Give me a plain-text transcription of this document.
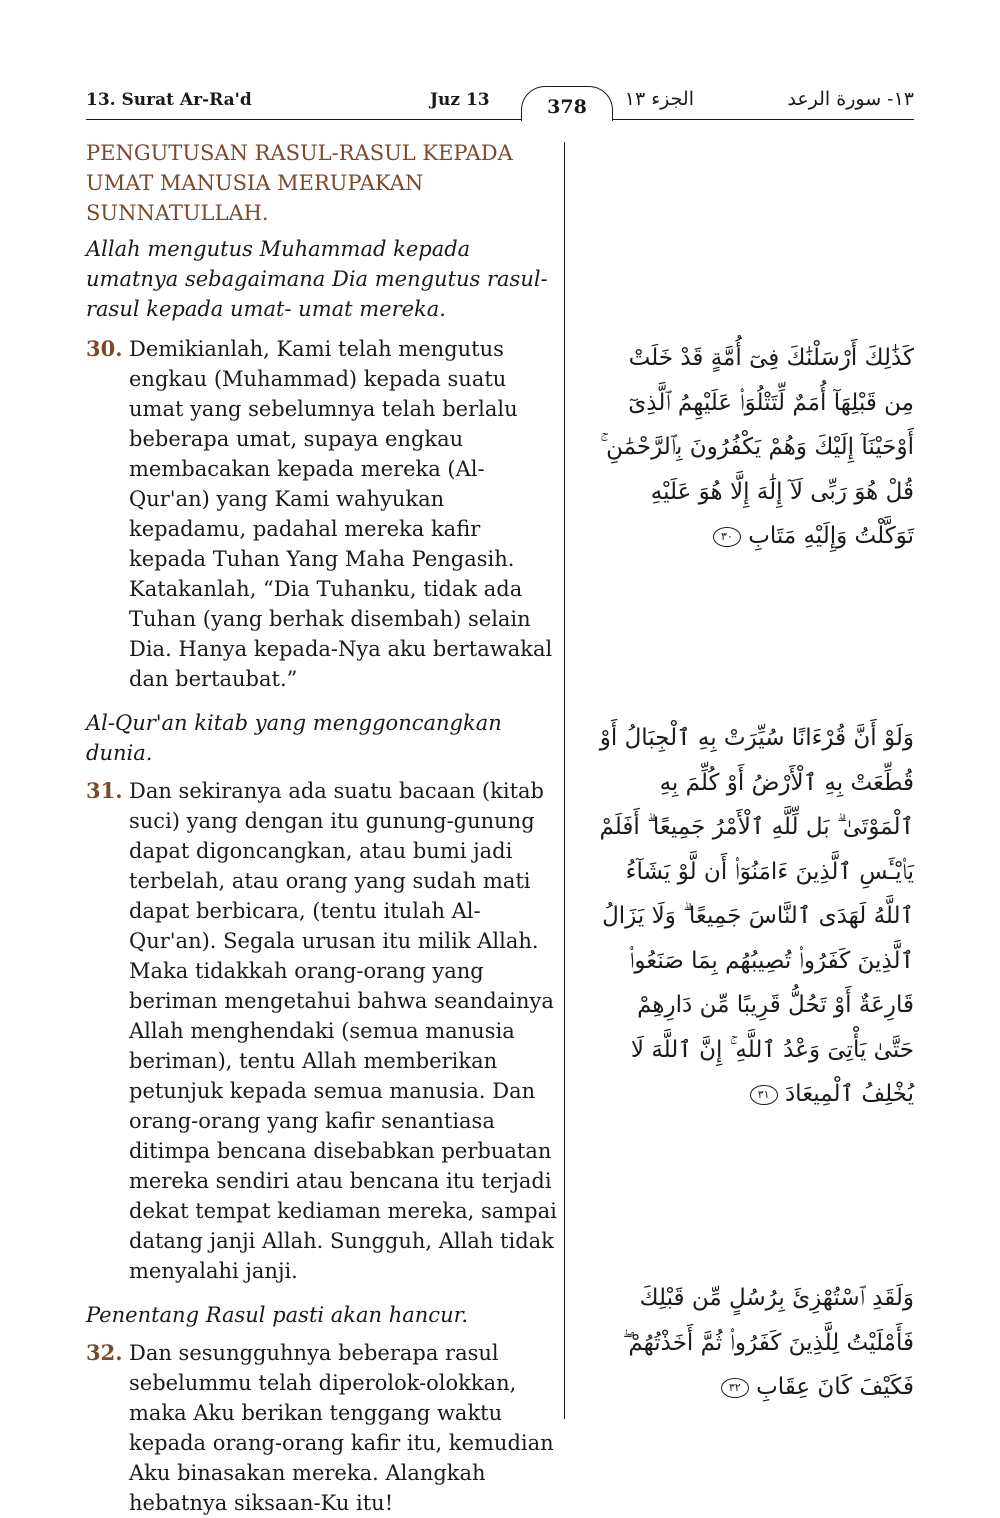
13. Surat Ar-Ra'd	Juz 13	378	الجزء ١٣	١٣- سورة الرعد

PENGUTUSAN RASUL-RASUL KEPADA UMAT MANUSIA MERUPAKAN SUNNATULLAH.

Allah mengutus Muhammad kepada umatnya sebagaimana Dia mengutus rasul-rasul kepada umat- umat mereka.

30. Demikianlah, Kami telah mengutus engkau (Muhammad) kepada suatu umat yang sebelumnya telah berlalu beberapa umat, supaya engkau membacakan kepada mereka (Al-Qur'an) yang Kami wahyukan kepadamu, padahal mereka kafir kepada Tuhan Yang Maha Pengasih. Katakanlah, “Dia Tuhanku, tidak ada Tuhan (yang berhak disembah) selain Dia. Hanya kepada-Nya aku bertawakal dan bertaubat.”

Al-Qur'an kitab yang menggoncangkan dunia.

31. Dan sekiranya ada suatu bacaan (kitab suci) yang dengan itu gunung-gunung dapat digoncangkan, atau bumi jadi terbelah, atau orang yang sudah mati dapat berbicara, (tentu itulah Al-Qur'an). Segala urusan itu milik Allah. Maka tidakkah orang-orang yang beriman mengetahui bahwa seandainya Allah menghendaki (semua manusia beriman), tentu Allah memberikan petunjuk kepada semua manusia. Dan orang-orang yang kafir senantiasa ditimpa bencana disebabkan perbuatan mereka sendiri atau bencana itu terjadi dekat tempat kediaman mereka, sampai datang janji Allah. Sungguh, Allah tidak menyalahi janji.

Penentang Rasul pasti akan hancur.

32. Dan sesungguhnya beberapa rasul sebelummu telah diperolok-olokkan, maka Aku berikan tenggang waktu kepada orang-orang kafir itu, kemudian Aku binasakan mereka. Alangkah hebatnya siksaan-Ku itu!
كَذَٰلِكَ أَرْسَلْنَٰكَ فِىٓ أُمَّةٍ قَدْ خَلَتْ مِن قَبْلِهَآ أُمَمٌ لِّتَتْلُوَا۟ عَلَيْهِمُ ٱلَّذِىٓ أَوْحَيْنَآ إِلَيْكَ وَهُمْ يَكْفُرُونَ بِٱلرَّحْمَٰنِ ۚ قُلْ هُوَ رَبِّى لَآ إِلَٰهَ إِلَّا هُوَ عَلَيْهِ تَوَكَّلْتُ وَإِلَيْهِ مَتَابِ ٣٠
وَلَوْ أَنَّ قُرْءَانًا سُيِّرَتْ بِهِ ٱلْجِبَالُ أَوْ قُطِّعَتْ بِهِ ٱلْأَرْضُ أَوْ كُلِّمَ بِهِ ٱلْمَوْتَىٰ ۗ بَل لِّلَّهِ ٱلْأَمْرُ جَمِيعًا ۗ أَفَلَمْ يَا۟يْـَٔسِ ٱلَّذِينَ ءَامَنُوٓا۟ أَن لَّوْ يَشَآءُ ٱللَّهُ لَهَدَى ٱلنَّاسَ جَمِيعًا ۗ وَلَا يَزَالُ ٱلَّذِينَ كَفَرُوا۟ تُصِيبُهُم بِمَا صَنَعُوا۟ قَارِعَةٌ أَوْ تَحُلُّ قَرِيبًا مِّن دَارِهِمْ حَتَّىٰ يَأْتِىَ وَعْدُ ٱللَّهِ ۚ إِنَّ ٱللَّهَ لَا يُخْلِفُ ٱلْمِيعَادَ ٣١
وَلَقَدِ ٱسْتُهْزِئَ بِرُسُلٍ مِّن قَبْلِكَ فَأَمْلَيْتُ لِلَّذِينَ كَفَرُوا۟ ثُمَّ أَخَذْتُهُمْ ۖ فَكَيْفَ كَانَ عِقَابِ ٣٢
